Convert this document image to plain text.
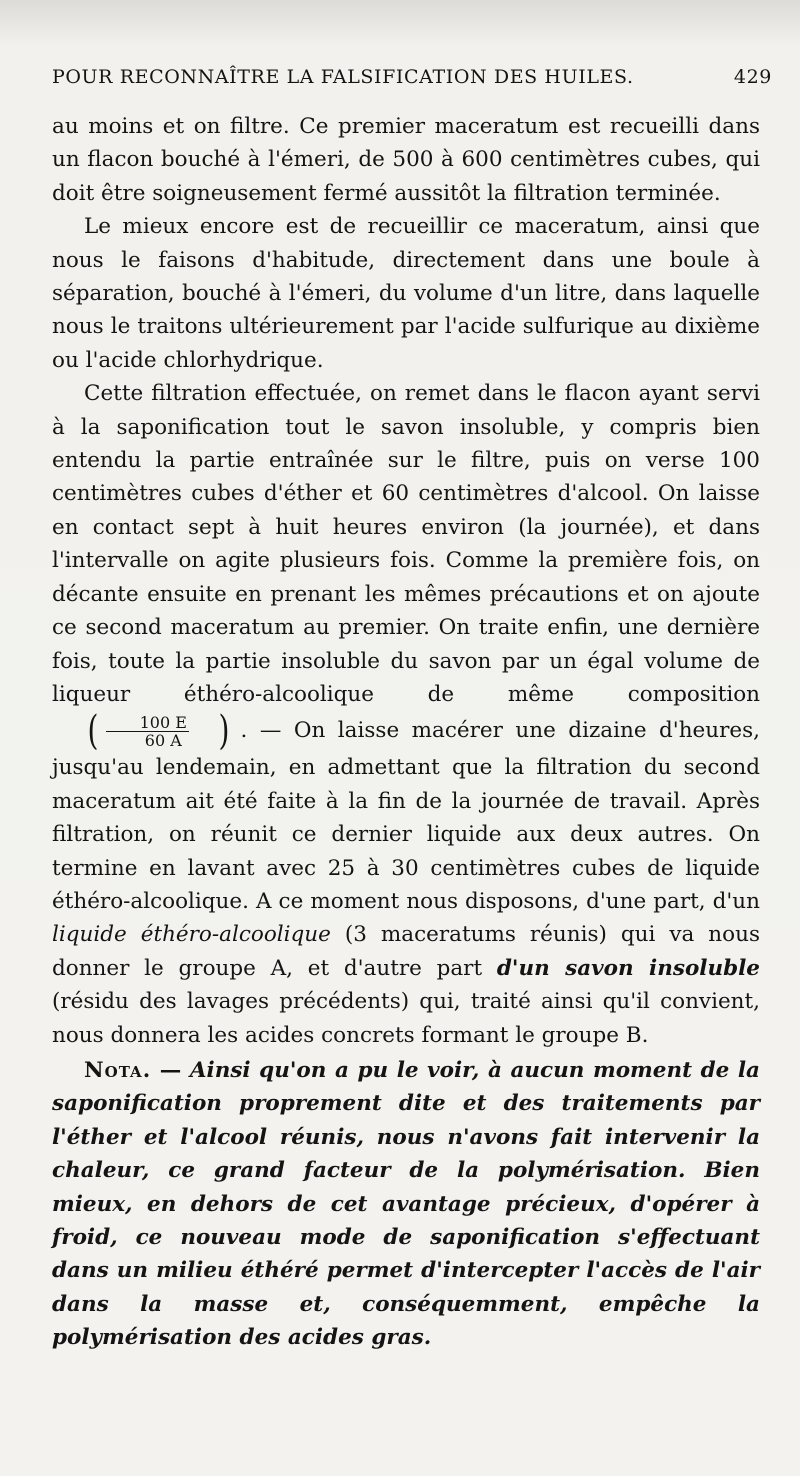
POUR RECONNAÎTRE LA FALSIFICATION DES HUILES.	429

au moins et on filtre. Ce premier maceratum est recueilli dans un flacon bouché à l'émeri, de 500 à 600 centimètres cubes, qui doit être soigneusement fermé aussitôt la filtration terminée.

Le mieux encore est de recueillir ce maceratum, ainsi que nous le faisons d'habitude, directement dans une boule à séparation, bouché à l'émeri, du volume d'un litre, dans laquelle nous le traitons ultérieurement par l'acide sulfurique au dixième ou l'acide chlorhydrique.

Cette filtration effectuée, on remet dans le flacon ayant servi à la saponification tout le savon insoluble, y compris bien entendu la partie entraînée sur le filtre, puis on verse 100 centimètres cubes d'éther et 60 centimètres d'alcool. On laisse en contact sept à huit heures environ (la journée), et dans l'intervalle on agite plusieurs fois. Comme la première fois, on décante ensuite en prenant les mêmes précautions et on ajoute ce second maceratum au premier. On traite enfin, une dernière fois, toute la partie insoluble du savon par un égal volume de liqueur éthéro-alcoolique de même composition
( $\frac{100 E}{60 A}$ ) . — On laisse macérer une dizaine d'heures, jusqu'au lendemain, en admettant que la filtration du second maceratum ait été faite à la fin de la journée de travail. Après filtration, on réunit ce dernier liquide aux deux autres. On termine en lavant avec 25 à 30 centimètres cubes de liquide éthéro-alcoolique. A ce moment nous disposons, d'une part, d'un liquide éthéro-alcoolique (3 maceratums réunis) qui va nous donner le groupe A, et d'autre part d'un savon insoluble (résidu des lavages précédents) qui, traité ainsi qu'il convient, nous donnera les acides concrets formant le groupe B.

Nota. — Ainsi qu'on a pu le voir, à aucun moment de la saponification proprement dite et des traitements par l'éther et l'alcool réunis, nous n'avons fait intervenir la chaleur, ce grand facteur de la polymérisation. Bien mieux, en dehors de cet avantage précieux, d'opérer à froid, ce nouveau mode de saponification s'effectuant dans un milieu éthéré permet d'intercepter l'accès de l'air dans la masse et, conséquemment, empêche la polymérisation des acides gras.
